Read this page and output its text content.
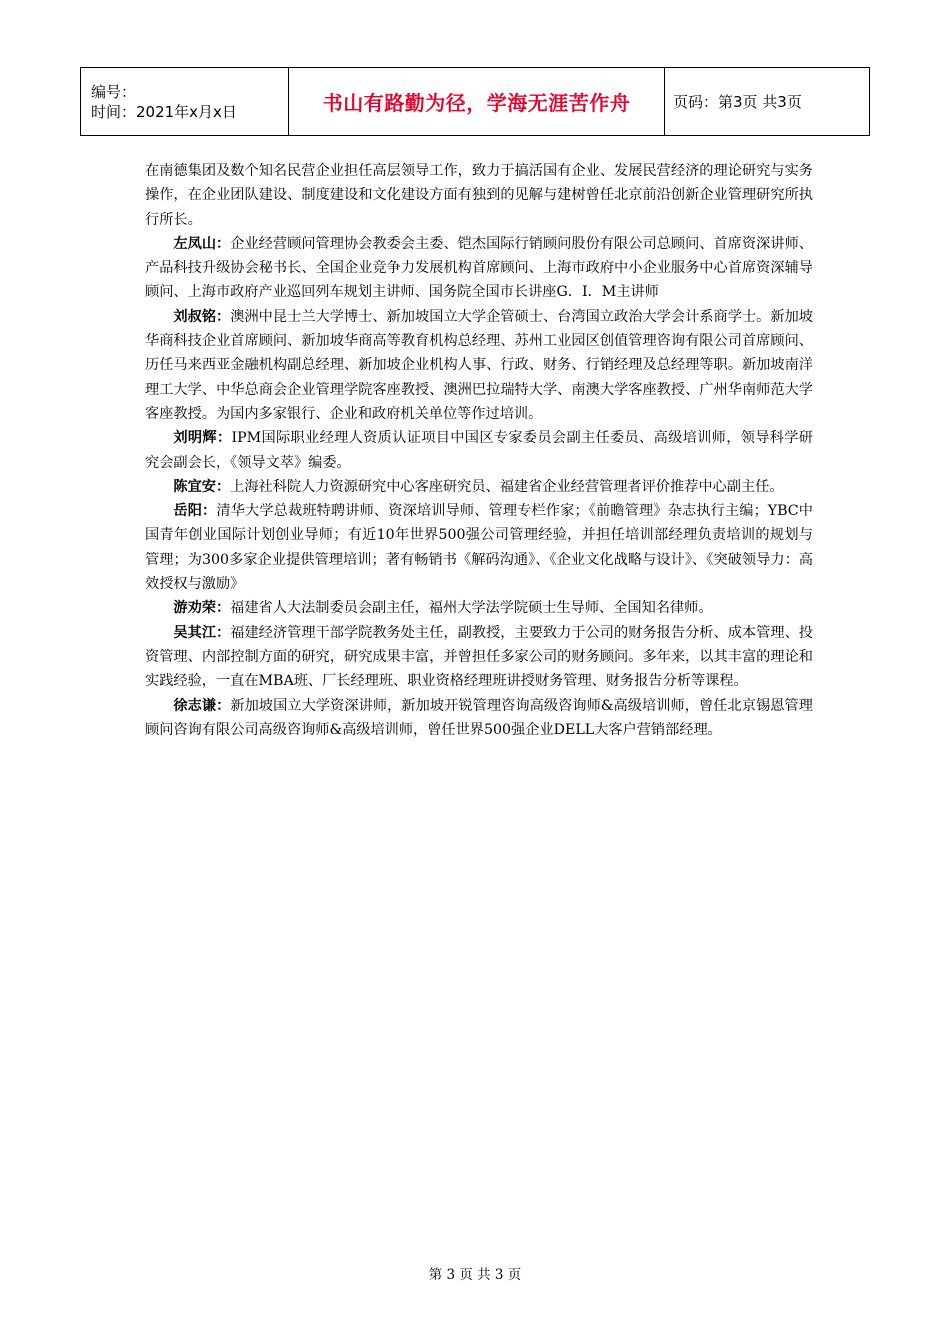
编号：
时间：2021年x月x日	书山有路勤为径，学海无涯苦作舟	页码：第3页 共3页

在南德集团及数个知名民营企业担任高层领导工作，致力于搞活国有企业、发展民营经济的理论研究与实务操作，在企业团队建设、制度建设和文化建设方面有独到的见解与建树曾任北京前沿创新企业管理研究所执行所长。

左凤山：企业经营顾问管理协会教委会主委、铠杰国际行销顾问股份有限公司总顾问、首席资深讲师、产品科技升级协会秘书长、全国企业竞争力发展机构首席顾问、上海市政府中小企业服务中心首席资深辅导顾问、上海市政府产业巡回列车规划主讲师、国务院全国市长讲座G．I．M主讲师

刘叔铭：澳洲中昆士兰大学博士、新加坡国立大学企管硕士、台湾国立政治大学会计系商学士。新加坡华商科技企业首席顾问、新加坡华商高等教育机构总经理、苏州工业园区创值管理咨询有限公司首席顾问、历任马来西亚金融机构副总经理、新加坡企业机构人事、行政、财务、行销经理及总经理等职。新加坡南洋理工大学、中华总商会企业管理学院客座教授、澳洲巴拉瑞特大学、南澳大学客座教授、广州华南师范大学客座教授。为国内多家银行、企业和政府机关单位等作过培训。

刘明辉：IPM国际职业经理人资质认证项目中国区专家委员会副主任委员、高级培训师，领导科学研究会副会长，《领导文萃》编委。

陈宜安：上海社科院人力资源研究中心客座研究员、福建省企业经营管理者评价推荐中心副主任。

岳阳：清华大学总裁班特聘讲师、资深培训导师、管理专栏作家；《前瞻管理》杂志执行主编；YBC中国青年创业国际计划创业导师；有近10年世界500强公司管理经验，并担任培训部经理负责培训的规划与管理；为300多家企业提供管理培训；著有畅销书《解码沟通》、《企业文化战略与设计》、《突破领导力：高效授权与激励》

游劝荣：福建省人大法制委员会副主任，福州大学法学院硕士生导师、全国知名律师。

吴其江：福建经济管理干部学院教务处主任，副教授，主要致力于公司的财务报告分析、成本管理、投资管理、内部控制方面的研究，研究成果丰富，并曾担任多家公司的财务顾问。多年来，以其丰富的理论和实践经验，一直在MBA班、厂长经理班、职业资格经理班讲授财务管理、财务报告分析等课程。

徐志谦：新加坡国立大学资深讲师，新加坡开锐管理咨询高级咨询师&高级培训师，曾任北京锡恩管理顾问咨询有限公司高级咨询师&高级培训师，曾任世界500强企业DELL大客户营销部经理。

第 3 页 共 3 页
